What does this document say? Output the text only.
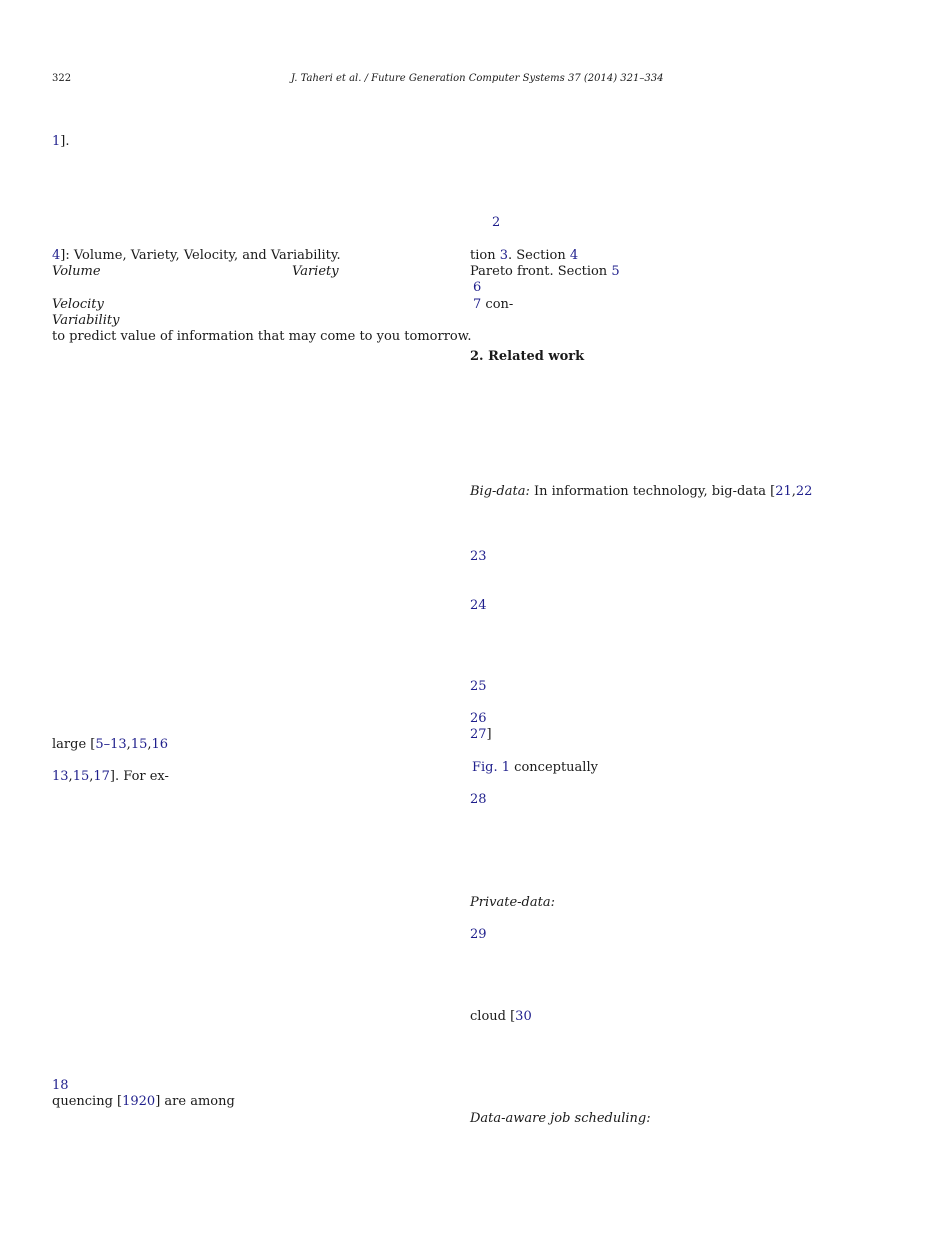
322	J. Taheri et al. / Future Generation Computer Systems 37 (2014) 321–334
1].
4]: Volume, Variety, Velocity, and Variability.
Volume	Variety
Velocity
Variability
to predict value of information that may come to you tomorrow.
large [5–13,15,16
13,15,17]. For ex-
18
quencing [1920] are among
2
tion 3. Section 4
Pareto front. Section 5
6
7 con-
2. Related work
Big-data: In information technology, big-data [21,22
23
24
25
26
27]
Fig. 1 conceptually
28
Private-data:
29
cloud [30
Data-aware job scheduling:
